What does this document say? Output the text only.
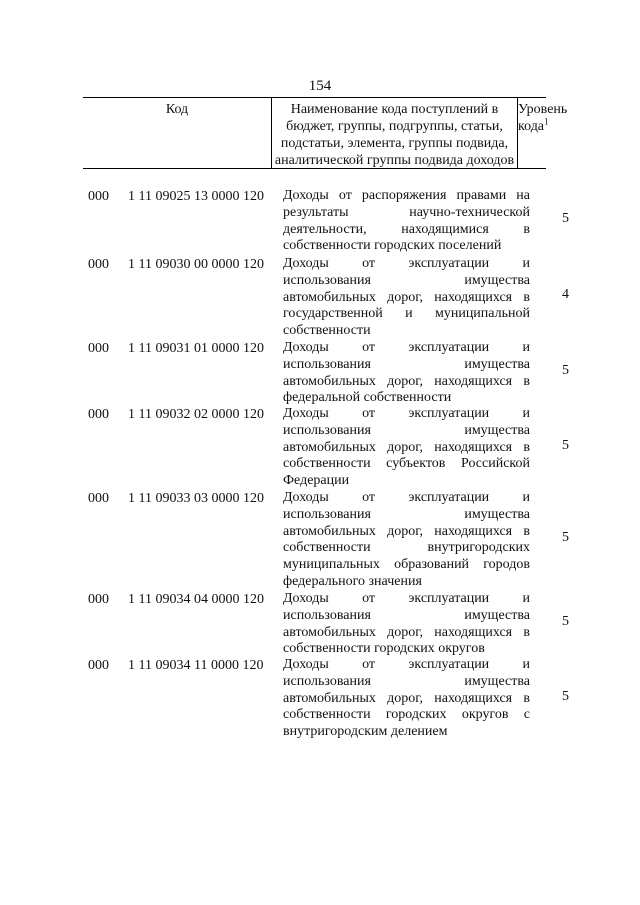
154
Код	Наименование кода поступлений в бюджет, группы, подгруппы, статьи, подстатьи, элемента, группы подвида, аналитической группы подвида доходов
Уровень
кода$^1$
000 1 11 09025 13 0000 120 Доходы от распоряжения правами на результаты научно-технической деятельности, находящимися в собственности городских поселений
5
000 1 11 09030 00 0000 120 Доходы от эксплуатации и использования имущества автомобильных дорог, находящихся в государственной и муниципальной собственности
4
000 1 11 09031 01 0000 120 Доходы от эксплуатации и использования имущества автомобильных дорог, находящихся в федеральной собственности
5
000 1 11 09032 02 0000 120 Доходы от эксплуатации и использования имущества автомобильных дорог, находящихся в собственности субъектов Российской Федерации
5
000 1 11 09033 03 0000 120 Доходы от эксплуатации и использования имущества автомобильных дорог, находящихся в собственности внутригородских муниципальных образований городов федерального значения
5
000 1 11 09034 04 0000 120 Доходы от эксплуатации и использования имущества автомобильных дорог, находящихся в собственности городских округов
5
000 1 11 09034 11 0000 120 Доходы от эксплуатации и использования имущества автомобильных дорог, находящихся в собственности городских округов с внутригородским делением
5
